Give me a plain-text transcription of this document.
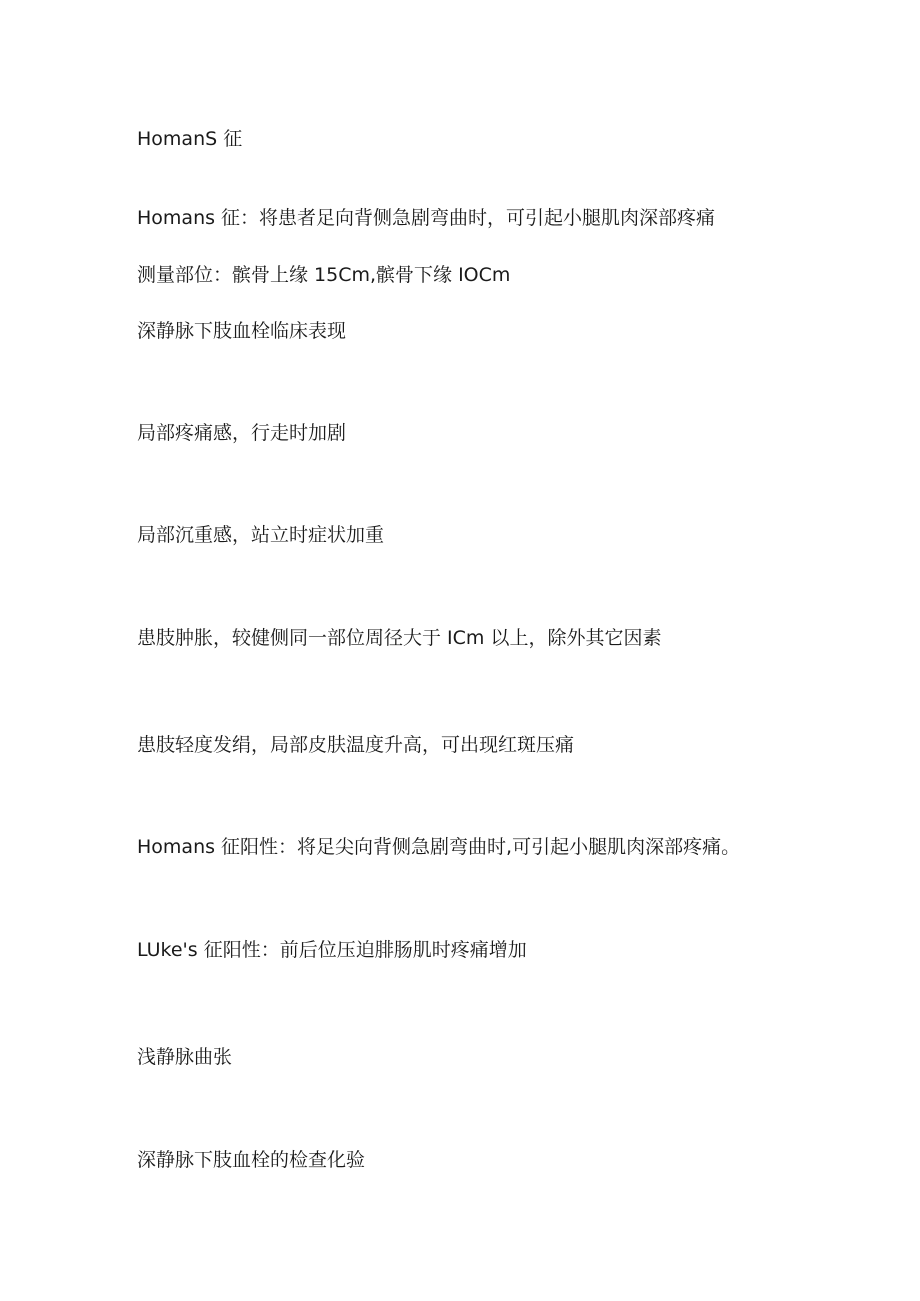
HomanS 征
Homans 征：将患者足向背侧急剧弯曲时，可引起小腿肌肉深部疼痛
测量部位：髌骨上缘 15Cm,髌骨下缘 IOCm
深静脉下肢血栓临床表现
局部疼痛感，行走时加剧
局部沉重感，站立时症状加重
患肢肿胀，较健侧同一部位周径大于 ICm 以上，除外其它因素
患肢轻度发绢，局部皮肤温度升高，可出现红斑压痛
Homans 征阳性：将足尖向背侧急剧弯曲时,可引起小腿肌肉深部疼痛。
LUke's 征阳性：前后位压迫腓肠肌时疼痛增加
浅静脉曲张
深静脉下肢血栓的检查化验
